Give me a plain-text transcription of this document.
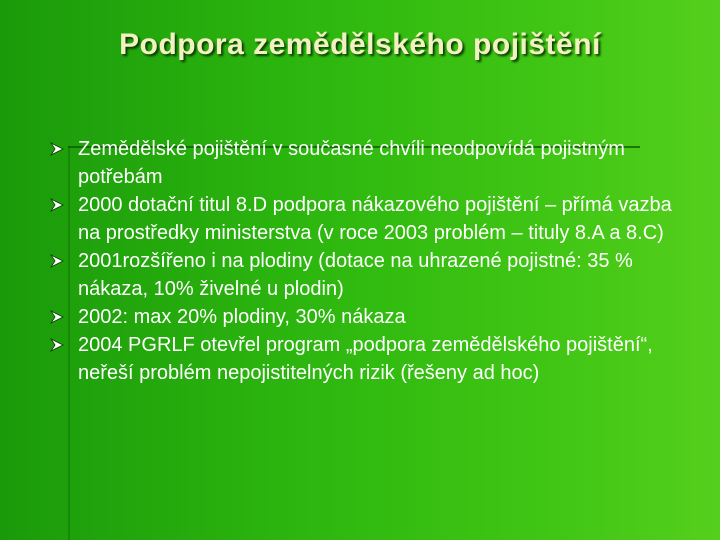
Podpora zemědělského pojištění
Zemědělské pojištění v současné chvíli neodpovídá pojistným potřebám
2000 dotační titul 8.D podpora nákazového pojištění – přímá vazba na prostředky ministerstva (v roce 2003 problém – tituly 8.A a 8.C)
2001rozšířeno i na plodiny (dotace na uhrazené pojistné: 35 % nákaza, 10% živelné u plodin)
2002: max 20% plodiny, 30% nákaza
2004 PGRLF otevřel program „podpora zemědělského pojištění“, neřeší problém nepojistitelných rizik (řešeny ad hoc)
